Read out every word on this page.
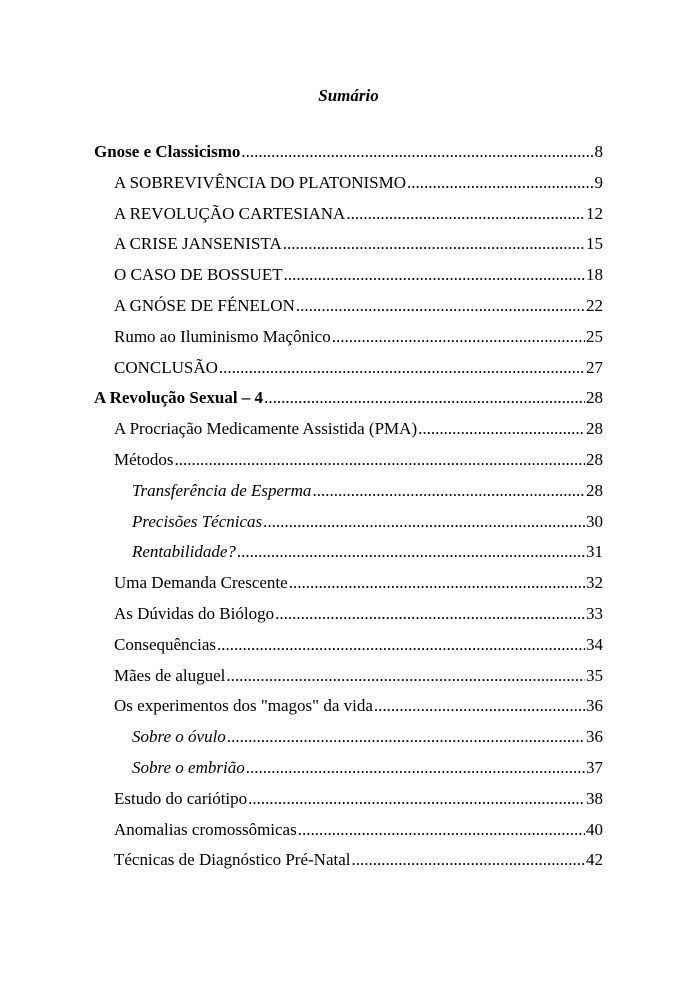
Sumário
Gnose e Classicismo .....	8
A SOBREVIVÊNCIA DO PLATONISMO .....	9
A REVOLUÇÃO CARTESIANA .....	12
A CRISE JANSENISTA .....	15
O CASO DE BOSSUET .....	18
A GNÓSE DE FÉNELON .....	22
Rumo ao Iluminismo Maçônico .....	25
CONCLUSÃO .....	27
A Revolução Sexual – 4 .....	28
A Procriação Medicamente Assistida (PMA) .....	28
Métodos .....	28
Transferência de Esperma .....	28
Precisões Técnicas .....	30
Rentabilidade? .....	31
Uma Demanda Crescente .....	32
As Dúvidas do Biólogo .....	33
Consequências .....	34
Mães de aluguel .....	35
Os experimentos dos "magos" da vida .....	36
Sobre o óvulo .....	36
Sobre o embrião .....	37
Estudo do cariótipo .....	38
Anomalias cromossômicas .....	40
Técnicas de Diagnóstico Pré-Natal .....	42
